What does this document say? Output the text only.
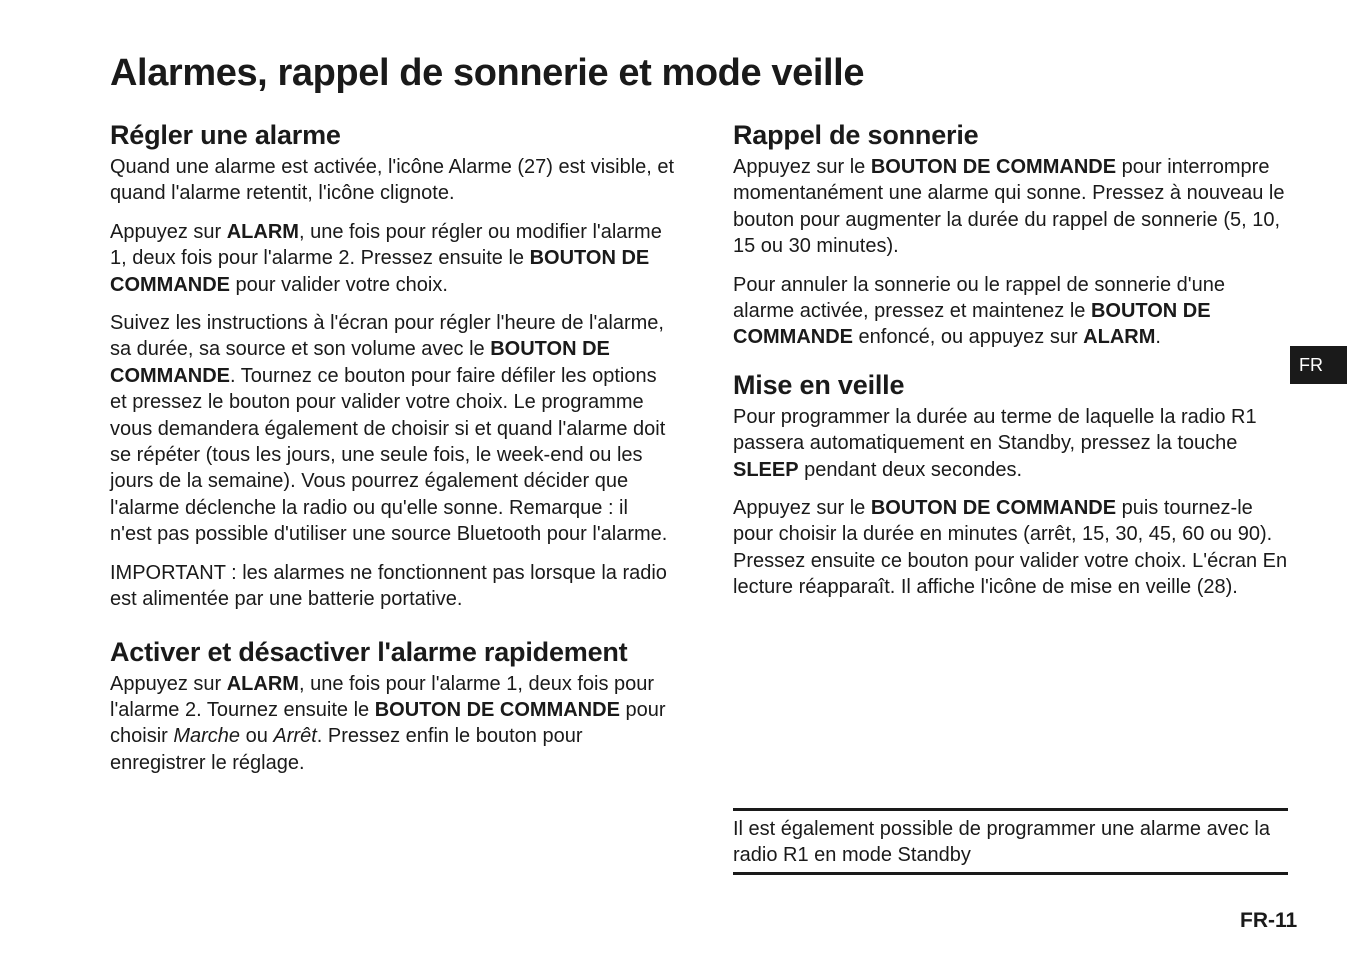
Alarmes, rappel de sonnerie et mode veille
Régler une alarme

Quand une alarme est activée, l'icône Alarme (27) est visible, et quand l'alarme retentit, l'icône clignote.

Appuyez sur ALARM, une fois pour régler ou modifier l'alarme 1, deux fois pour l'alarme 2. Pressez ensuite le BOUTON DE COMMANDE pour valider votre choix.

Suivez les instructions à l'écran pour régler l'heure de l'alarme, sa durée, sa source et son volume avec le BOUTON DE COMMANDE. Tournez ce bouton pour faire défiler les options et pressez le bouton pour valider votre choix. Le programme vous demandera également de choisir si et quand l'alarme doit se répéter (tous les jours, une seule fois, le week-end ou les jours de la semaine). Vous pourrez également décider que l'alarme déclenche la radio ou qu'elle sonne. Remarque : il n'est pas possible d'utiliser une source Bluetooth pour l'alarme.

IMPORTANT : les alarmes ne fonctionnent pas lorsque la radio est alimentée par une batterie portative.

Activer et désactiver l'alarme rapidement

Appuyez sur ALARM, une fois pour l'alarme 1, deux fois pour l'alarme 2. Tournez ensuite le BOUTON DE COMMANDE pour choisir Marche ou Arrêt. Pressez enfin le bouton pour enregistrer le réglage.

Rappel de sonnerie

Appuyez sur le BOUTON DE COMMANDE pour interrompre momentanément une alarme qui sonne. Pressez à nouveau le bouton pour augmenter la durée du rappel de sonnerie (5, 10, 15 ou 30 minutes).

Pour annuler la sonnerie ou le rappel de sonnerie d'une alarme activée, pressez et maintenez le BOUTON DE COMMANDE enfoncé, ou appuyez sur ALARM.

Mise en veille

Pour programmer la durée au terme de laquelle la radio R1 passera automatiquement en Standby, pressez la touche SLEEP pendant deux secondes.

Appuyez sur le BOUTON DE COMMANDE puis tournez-le pour choisir la durée en minutes (arrêt, 15, 30, 45, 60 ou 90). Pressez ensuite ce bouton pour valider votre choix. L'écran En lecture réapparaît. Il affiche l'icône de mise en veille (28).

Il est également possible de programmer une alarme avec la radio R1 en mode Standby

FR
FR-11
